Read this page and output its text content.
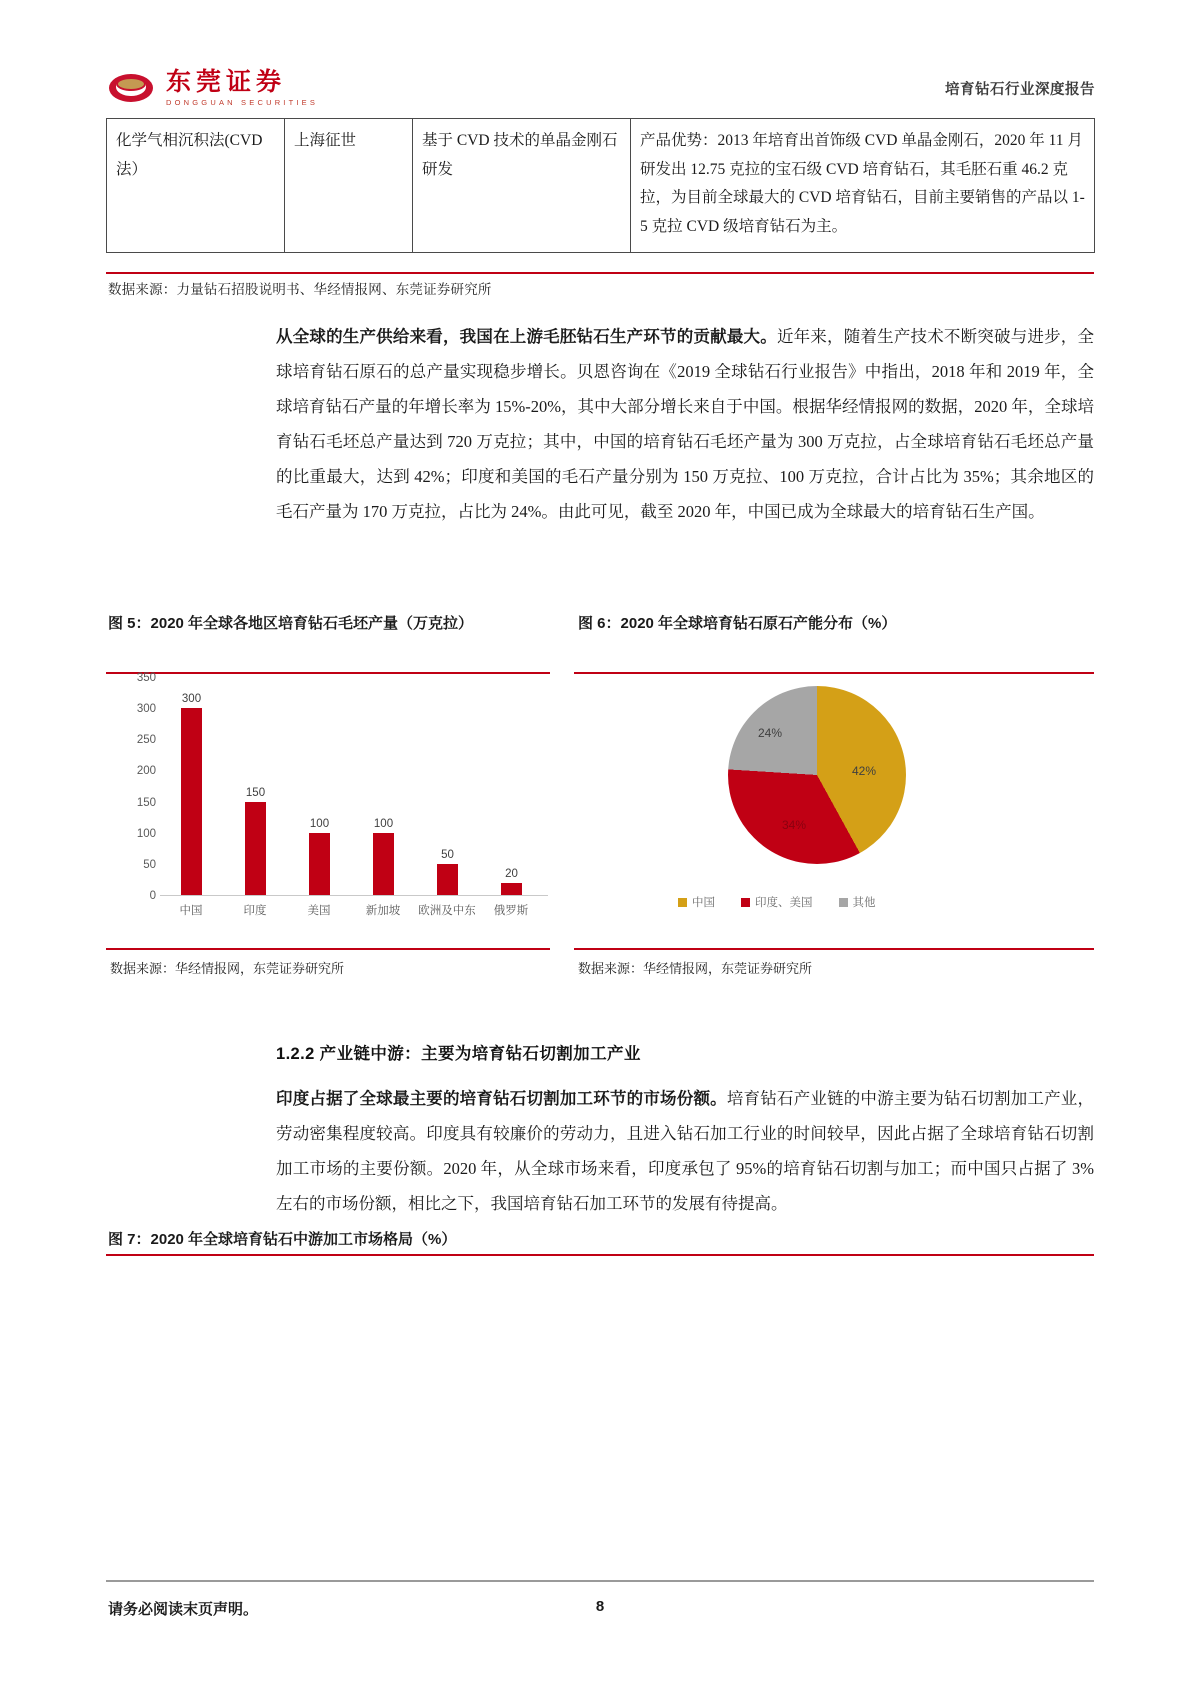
东莞证券
DONGGUAN SECURITIES
培育钻石行业深度报告
化学气相沉积法(CVD法）	上海征世	基于 CVD 技术的单晶金刚石研发	产品优势：2013 年培育出首饰级 CVD 单晶金刚石，2020 年 11 月研发出 12.75 克拉的宝石级 CVD 培育钻石，其毛胚石重 46.2 克拉，为目前全球最大的 CVD 培育钻石，目前主要销售的产品以 1-5 克拉 CVD 级培育钻石为主。
数据来源：力量钻石招股说明书、华经情报网、东莞证券研究所
从全球的生产供给来看，我国在上游毛胚钻石生产环节的贡献最大。近年来，随着生产技术不断突破与进步，全球培育钻石原石的总产量实现稳步增长。贝恩咨询在《2019 全球钻石行业报告》中指出，2018 年和 2019 年，全球培育钻石产量的年增长率为 15%-20%，其中大部分增长来自于中国。根据华经情报网的数据，2020 年，全球培育钻石毛坯总产量达到 720 万克拉；其中，中国的培育钻石毛坯产量为 300 万克拉，占全球培育钻石毛坯总产量的比重最大，达到 42%；印度和美国的毛石产量分别为 150 万克拉、100 万克拉，合计占比为 35%；其余地区的毛石产量为 170 万克拉，占比为 24%。由此可见，截至 2020 年，中国已成为全球最大的培育钻石生产国。
图 5：2020 年全球各地区培育钻石毛坯产量（万克拉）	图 6：2020 年全球培育钻石原石产能分布（%）
0
50
100
150
200
250
300
350
300
150
100	100
50
20
中国	印度	美国	新加坡 欧洲及中东 俄罗斯
42%
34%
24%
中国	印度、美国	其他
数据来源：华经情报网，东莞证券研究所	数据来源：华经情报网，东莞证券研究所
1.2.2 产业链中游：主要为培育钻石切割加工产业
印度占据了全球最主要的培育钻石切割加工环节的市场份额。培育钻石产业链的中游主要为钻石切割加工产业，劳动密集程度较高。印度具有较廉价的劳动力，且进入钻石加工行业的时间较早，因此占据了全球培育钻石切割加工市场的主要份额。2020 年，从全球市场来看，印度承包了 95%的培育钻石切割与加工；而中国只占据了 3%左右的市场份额，相比之下，我国培育钻石加工环节的发展有待提高。
图 7：2020 年全球培育钻石中游加工市场格局（%）
请务必阅读末页声明。	8
